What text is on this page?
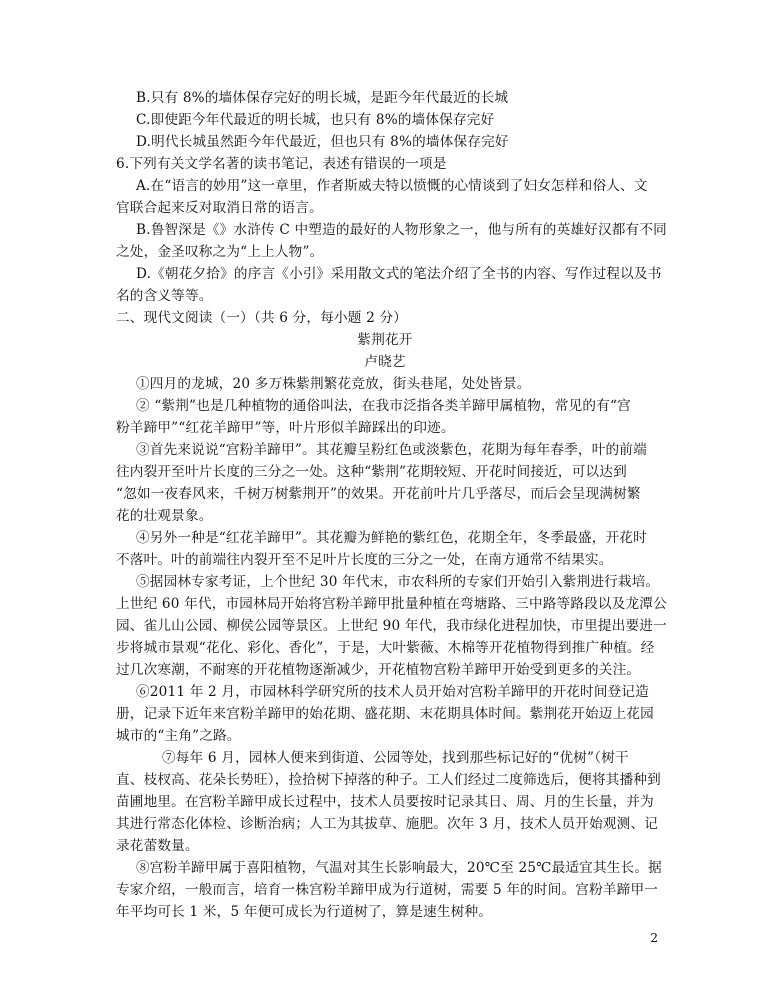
B.只有 8%的墙体保存完好的明长城，是距今年代最近的长城
C.即使距今年代最近的明长城，也只有 8%的墙体保存完好
D.明代长城虽然距今年代最近，但也只有 8%的墙体保存完好
6.下列有关文学名著的读书笔记，表述有错误的一项是
A.在“语言的妙用”这一章里，作者斯威夫特以愤慨的心情谈到了妇女怎样和俗人、文
官联合起来反对取消日常的语言。
B.鲁智深是《》水浒传 C 中塑造的最好的人物形象之一，他与所有的英雄好汉都有不同
之处，金圣叹称之为“上上人物”。
D.《朝花夕拾》的序言《小引》采用散文式的笔法介绍了全书的内容、写作过程以及书
名的含义等等。
二、现代文阅读（一）（共 6 分，每小题 2 分）
紫荆花开
卢晓艺
①四月的龙城，20 多万株紫荆繁花竞放，街头巷尾，处处皆景。
② “紫荆”也是几种植物的通俗叫法，在我市泛指各类羊蹄甲属植物，常见的有“宫
粉羊蹄甲”“红花羊蹄甲”等，叶片形似羊蹄踩出的印迹。
③首先来说说“宫粉羊蹄甲”。其花瓣呈粉红色或淡紫色，花期为每年春季，叶的前端
往内裂开至叶片长度的三分之一处。这种“紫荆”花期较短、开花时间接近，可以达到
“忽如一夜春风来，千树万树紫荆开”的效果。开花前叶片几乎落尽，而后会呈现满树繁
花的壮观景象。
④另外一种是“红花羊蹄甲”。其花瓣为鲜艳的紫红色，花期全年，冬季最盛，开花时
不落叶。叶的前端往内裂开至不足叶片长度的三分之一处，在南方通常不结果实。
⑤据园林专家考证，上个世纪 30 年代末，市农科所的专家们开始引入紫荆进行栽培。
上世纪 60 年代，市园林局开始将宫粉羊蹄甲批量种植在弯塘路、三中路等路段以及龙潭公
园、雀儿山公园、柳侯公园等景区。上世纪 90 年代，我市绿化进程加快，市里提出要进一
步将城市景观“花化、彩化、香化”，于是，大叶紫薇、木棉等开花植物得到推广种植。经
过几次寒潮，不耐寒的开花植物逐渐减少，开花植物宫粉羊蹄甲开始受到更多的关注。
⑥2011 年 2 月，市园林科学研究所的技术人员开始对宫粉羊蹄甲的开花时间登记造
册，记录下近年来宫粉羊蹄甲的始花期、盛花期、末花期具体时间。紫荆花开始迈上花园
城市的“主角”之路。
⑦每年 6 月，园林人便来到街道、公园等处，找到那些标记好的“优树”（树干
直、枝杈高、花朵长势旺），捡拾树下掉落的种子。工人们经过二度筛选后，便将其播种到
苗圃地里。在宫粉羊蹄甲成长过程中，技术人员要按时记录其日、周、月的生长量，并为
其进行常态化体检、诊断治病；人工为其拔草、施肥。次年 3 月，技术人员开始观测、记
录花蕾数量。
⑧宫粉羊蹄甲属于喜阳植物，气温对其生长影响最大，20℃至 25℃最适宜其生长。据
专家介绍，一般而言，培育一株宫粉羊蹄甲成为行道树，需要 5 年的时间。宫粉羊蹄甲一
年平均可长 1 米，5 年便可成长为行道树了，算是速生树种。
2
